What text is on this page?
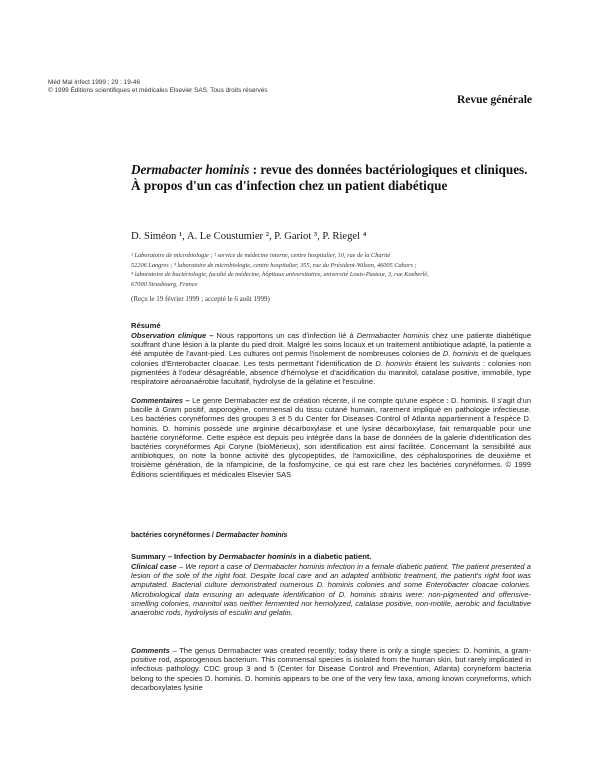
Méd Mal Infect 1999 ; 29 : 19-46
© 1999 Éditions scientifiques et médicales Elsevier SAS. Tous droits réservés
Revue générale
Dermabacter hominis : revue des données bactériologiques et cliniques. À propos d'un cas d'infection chez un patient diabétique
D. Siméon ¹, A. Le Coustumier ², P. Gariot ³, P. Riegel ⁴
¹ Laboratoire de microbiologie ; ² service de médecine interne, centre hospitalier, 10, rue de la Charité
52206 Langres ; ³ laboratoire de microbiologie, centre hospitalier, 355, rue du Président-Wilson, 46005 Cahors ;
⁴ laboratoire de bactériologie, faculté de médecine, hôpitaux universitaires, université Louis-Pasteur, 3, rue Koeberlé,
67000 Strasbourg, France
(Reçu le 19 février 1999 ; accepté le 6 août 1999)
Résumé
Observation clinique – Nous rapportons un cas d'infection lié à Dermabacter hominis chez une patiente diabétique souffrant d'une lésion à la plante du pied droit. Malgré les soins locaux et un traitement antibiotique adapté, la patiente a été amputée de l'avant-pied. Les cultures ont permis l'isolement de nombreuses colonies de D. hominis et de quelques colonies d'Enterobacter cloacae. Les tests permettant l'identification de D. hominis étaient les suivants : colonies non pigmentées à l'odeur désagréable, absence d'hémolyse et d'acidification du mannitol, catalase positive, immobile, type respiratoire aéroanaérobie facultatif, hydrolyse de la gélatine et l'esculine.
Commentaires – Le genre Dermabacter est de création récente, il ne compte qu'une espèce : D. hominis. Il s'agit d'un bacille à Gram positif, asporogène, commensal du tissu cutané humain, rarement impliqué en pathologie infectieuse. Les bactéries corynéformes des groupes 3 et 5 du Center for Diseases Control of Atlanta appartiennent à l'espèce D. hominis. D. hominis possède une arginine décarboxylase et une lysine décarboxylase, fait remarquable pour une bactérie corynéforme. Cette espèce est depuis peu intégrée dans la base de données de la galerie d'identification des bactéries corynéformes Api Coryne (bioMérieux), son identification est ainsi facilitée. Concernant la sensibilité aux antibiotiques, on note la bonne activité des glycopeptides, de l'amoxicilline, des céphalosporines de deuxième et troisième génération, de la rifampicine, de la fosfomycine, ce qui est rare chez les bactéries corynéformes. © 1999 Éditions scientifiques et médicales Elsevier SAS
bactéries corynéformes / Dermabacter hominis
Summary – Infection by Dermabacter hominis in a diabetic patient.
Clinical case – We report a case of Dermabacter hominis infection in a female diabetic patient. The patient presented a lesion of the sole of the right foot. Despite local care and an adapted antibiotic treatment, the patient's right foot was amputated. Bacterial culture demonstrated numerous D. hominis colonies and some Enterobacter cloacae colonies. Microbiological data ensuring an adequate identification of D. hominis strains were: non-pigmented and offensive-smelling colonies, mannitol was neither fermented nor hemolyzed, catalase positive, non-motile, aerobic and facultative anaerobic rods, hydrolysis of esculin and gelatin.
Comments – The genus Dermabacter was created recently; today there is only a single species: D. hominis, a gram-positive rod, asporogenous bacterium. This commensal species is isolated from the human skin, but rarely implicated in infectious pathology. CDC group 3 and 5 (Center for Disease Control and Prevention, Atlanta) coryneform bacteria belong to the species D. hominis. D. hominis appears to be one of the very few taxa, among known coryneforms, which decarboxylates lysine
